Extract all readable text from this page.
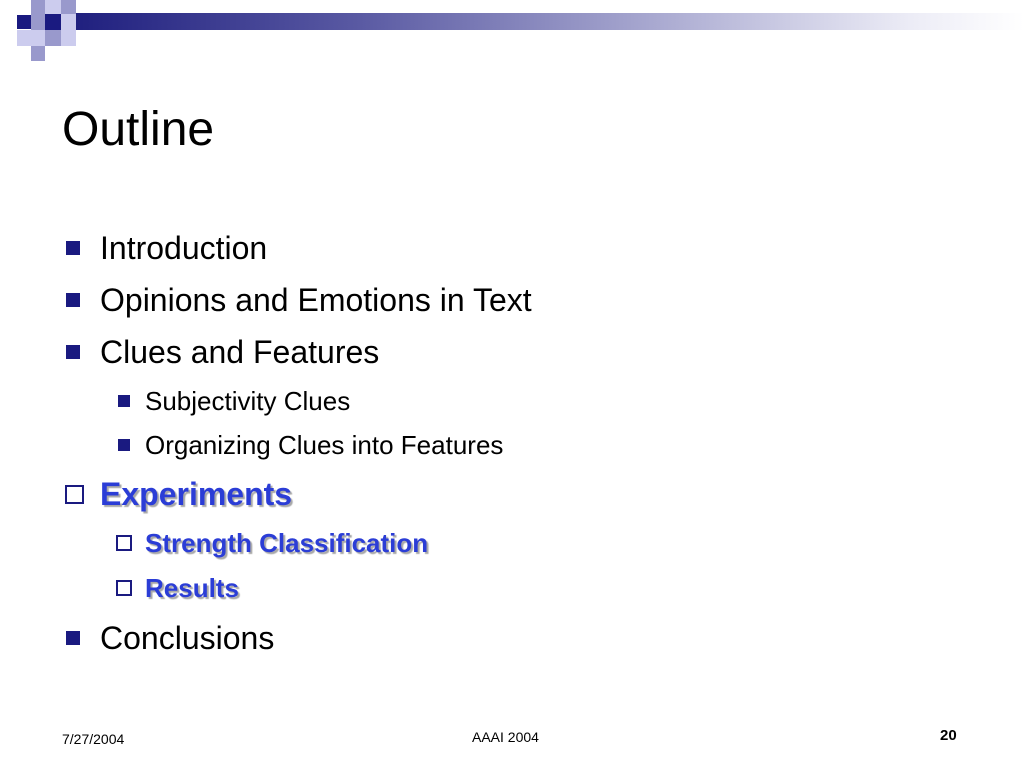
Outline
Introduction
Opinions and Emotions in Text
Clues and Features
Subjectivity Clues
Organizing Clues into Features
Experiments
Strength Classification
Results
Conclusions
7/27/2004	AAAI 2004	20
